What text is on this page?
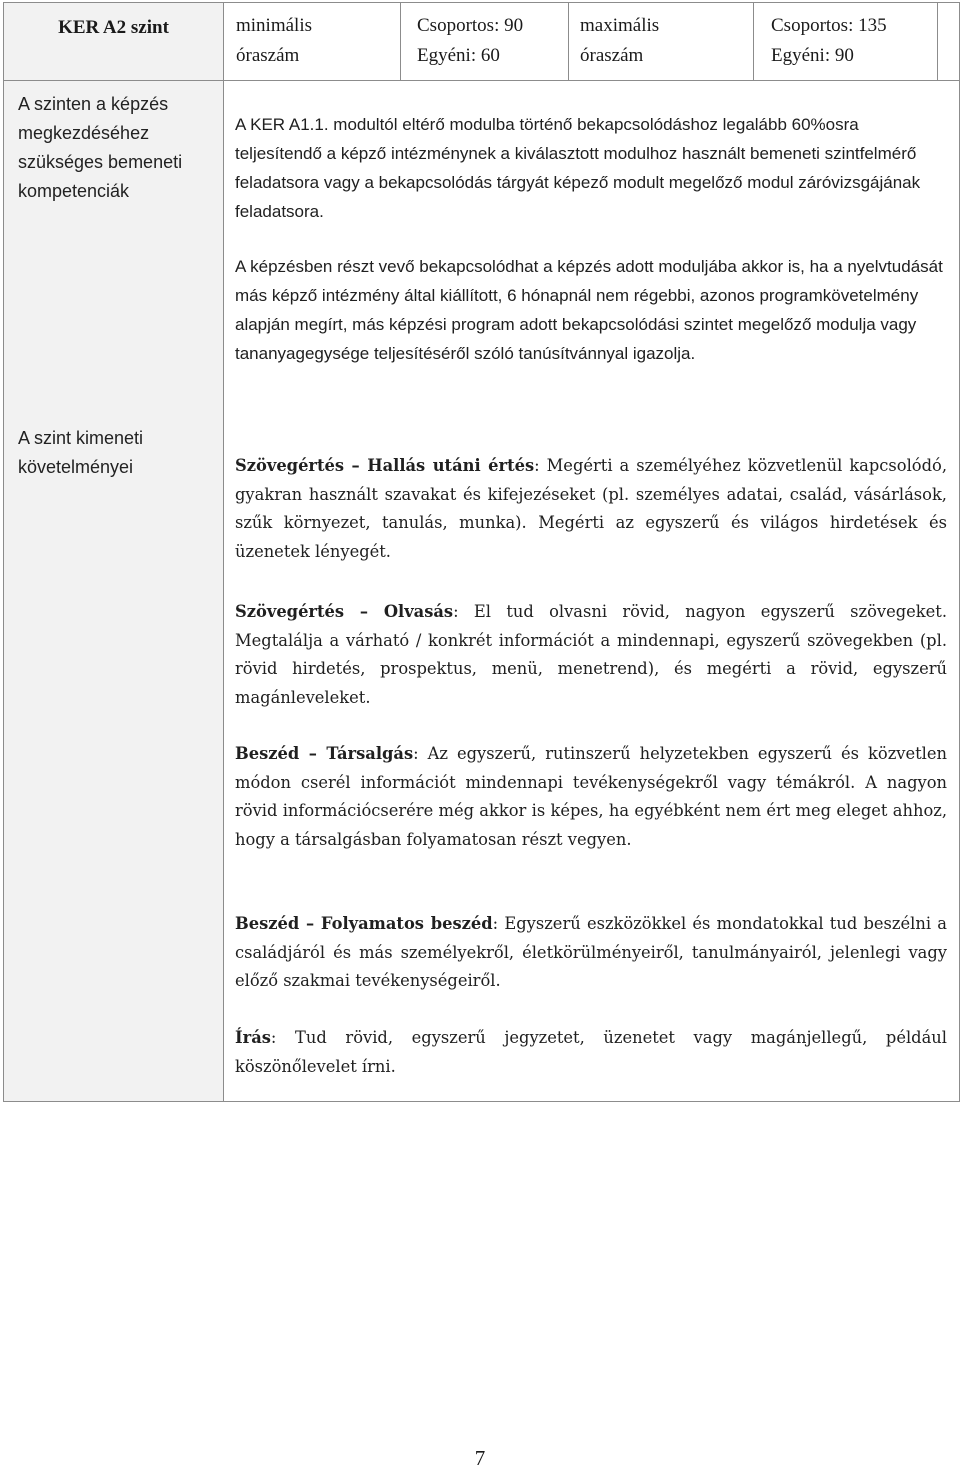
KER A2 szint	minimális
óraszám
Csoportos: 90
Egyéni: 60
maximális
óraszám
Csoportos: 135
Egyéni: 90
A szinten a képzés megkezdéséhez szükséges bemeneti kompetenciák
A szint kimeneti követelményei
A KER A1.1. modultól eltérő modulba történő bekapcsolódáshoz legalább 60%osra teljesítendő a képző intézménynek a kiválasztott modulhoz használt bemeneti szintfelmérő feladatsora vagy a bekapcsolódás tárgyát képező modult megelőző modul záróvizsgájának feladatsora.
A képzésben részt vevő bekapcsolódhat a képzés adott moduljába akkor is, ha a nyelvtudását más képző intézmény által kiállított, 6 hónapnál nem régebbi, azonos programkövetelmény alapján megírt, más képzési program adott bekapcsolódási szintet megelőző modulja vagy tananyagegysége teljesítéséről szóló tanúsítvánnyal igazolja.
Szövegértés – Hallás utáni értés: Megérti a személyéhez közvetlenül kapcsolódó, gyakran használt szavakat és kifejezéseket (pl. személyes adatai, család, vásárlások, szűk környezet, tanulás, munka). Megérti az egyszerű és világos hirdetések és üzenetek lényegét.
Szövegértés – Olvasás: El tud olvasni rövid, nagyon egyszerű szövegeket. Megtalálja a várható / konkrét információt a mindennapi, egyszerű szövegekben (pl. rövid hirdetés, prospektus, menü, menetrend), és megérti a rövid, egyszerű magánleveleket.
Beszéd – Társalgás: Az egyszerű, rutinszerű helyzetekben egyszerű és közvetlen módon cserél információt mindennapi tevékenységekről vagy témákról. A nagyon rövid információcserére még akkor is képes, ha egyébként nem ért meg eleget ahhoz, hogy a társalgásban folyamatosan részt vegyen.
Beszéd – Folyamatos beszéd: Egyszerű eszközökkel és mondatokkal tud beszélni a családjáról és más személyekről, életkörülményeiről, tanulmányairól, jelenlegi vagy előző szakmai tevékenységeiről.
Írás: Tud rövid, egyszerű jegyzetet, üzenetet vagy magánjellegű, például köszönőlevelet írni.
7
